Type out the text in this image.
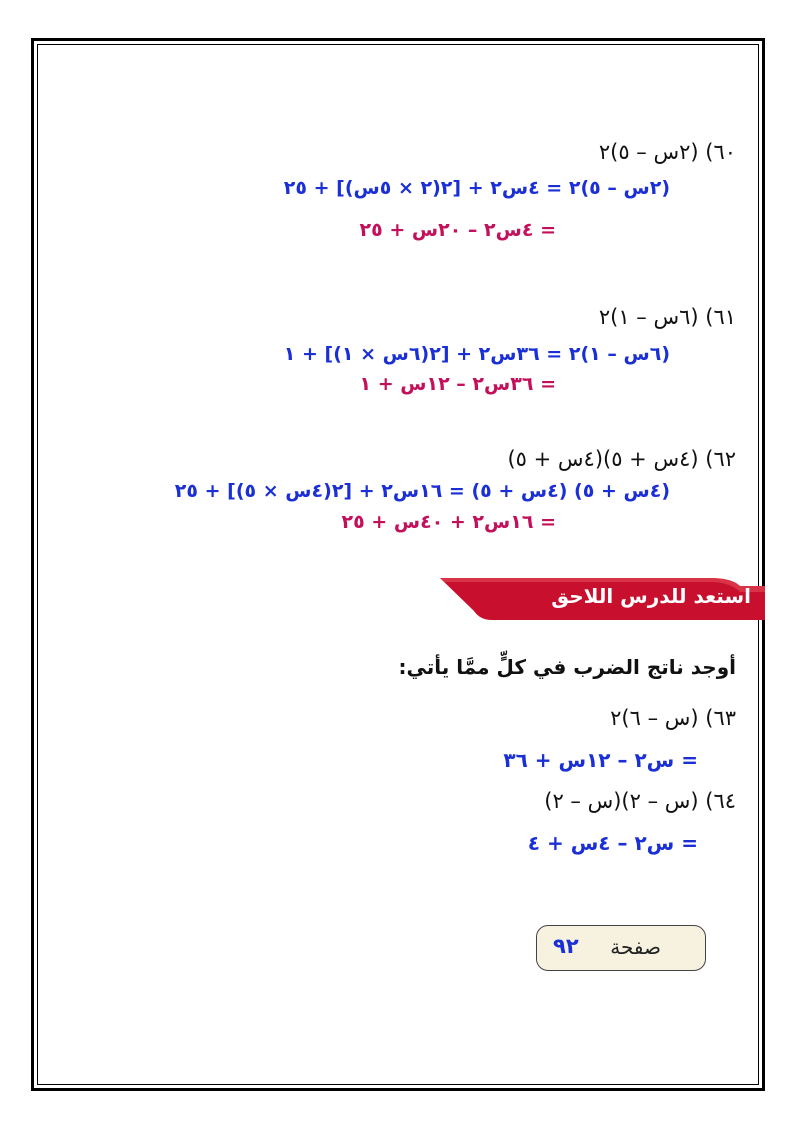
٦٠) (٢س – ٥)٢
(٢س – ٥)٢ = ٤س٢ + [٢(٢ × ٥س)] + ٢٥
= ٤س٢ – ٢٠س + ٢٥
٦١) (٦س – ١)٢
(٦س – ١)٢ = ٣٦س٢ + [٢(٦س × ١)] + ١
= ٣٦س٢ – ١٢س + ١
٦٢) (٤س + ٥)(٤س + ٥)
(٤س + ٥) (٤س + ٥) = ١٦س٢ + [٢(٤س × ٥)] + ٢٥
= ١٦س٢ + ٤٠س + ٢٥
استعد للدرس اللاحق
أوجد ناتج الضرب في كلٍّ ممَّا يأتي:
٦٣) (س – ٦)٢
= س٢ – ١٢س + ٣٦
٦٤) (س – ٢)(س – ٢)
= س٢ – ٤س + ٤
صفحة
٩٢
